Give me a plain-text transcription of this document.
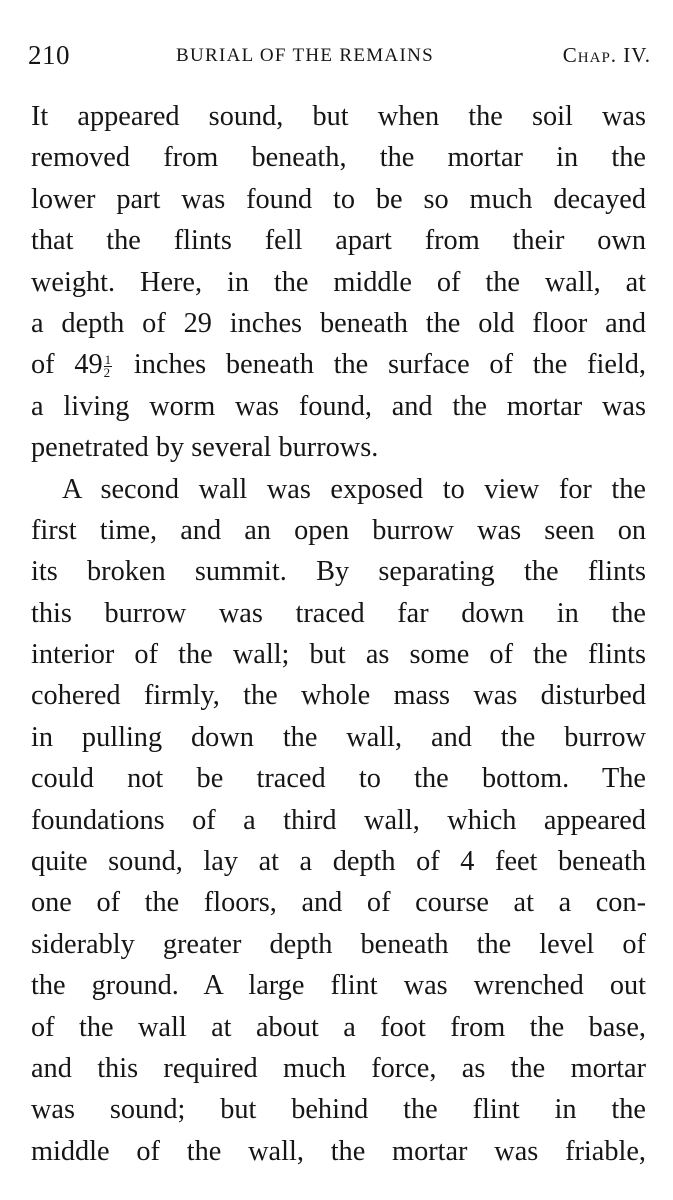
210	BURIAL OF THE REMAINS	Chap. IV.
It appeared sound, but when the soil was
removed from beneath, the mortar in the
lower part was found to be so much decayed
that the flints fell apart from their own
weight. Here, in the middle of the wall, at
a depth of 29 inches beneath the old floor and
of $49 \frac{1}{2}$ inches beneath the surface of the field,
a living worm was found, and the mortar was
penetrated by several burrows.
A second wall was exposed to view for the
first time, and an open burrow was seen on
its broken summit. By separating the flints
this burrow was traced far down in the
interior of the wall; but as some of the flints
cohered firmly, the whole mass was disturbed
in pulling down the wall, and the burrow
could not be traced to the bottom. The
foundations of a third wall, which appeared
quite sound, lay at a depth of 4 feet beneath
one of the floors, and of course at a con-
siderably greater depth beneath the level of
the ground. A large flint was wrenched out
of the wall at about a foot from the base,
and this required much force, as the mortar
was sound; but behind the flint in the
middle of the wall, the mortar was friable,
